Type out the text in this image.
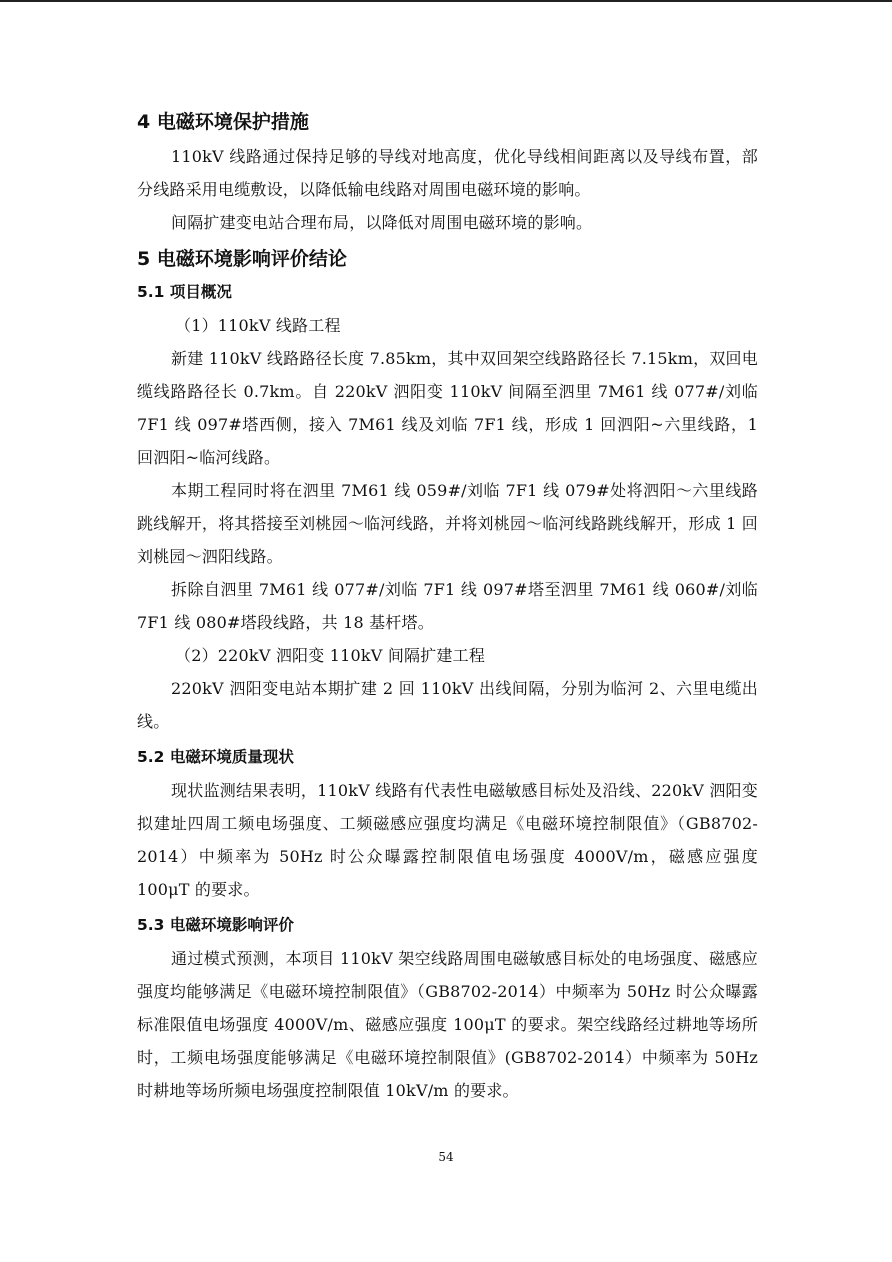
4 电磁环境保护措施

110kV 线路通过保持足够的导线对地高度，优化导线相间距离以及导线布置，部分线路采用电缆敷设，以降低输电线路对周围电磁环境的影响。

间隔扩建变电站合理布局，以降低对周围电磁环境的影响。

5 电磁环境影响评价结论
5.1 项目概况

（1）110kV 线路工程

新建 110kV 线路路径长度 7.85km，其中双回架空线路路径长 7.15km，双回电缆线路路径长 0.7km。自 220kV 泗阳变 110kV 间隔至泗里 7M61 线 077#/刘临 7F1 线 097#塔西侧，接入 7M61 线及刘临 7F1 线，形成 1 回泗阳~六里线路，1 回泗阳~临河线路。

本期工程同时将在泗里 7M61 线 059#/刘临 7F1 线 079#处将泗阳～六里线路跳线解开，将其搭接至刘桃园～临河线路，并将刘桃园～临河线路跳线解开，形成 1 回刘桃园～泗阳线路。

拆除自泗里 7M61 线 077#/刘临 7F1 线 097#塔至泗里 7M61 线 060#/刘临 7F1 线 080#塔段线路，共 18 基杆塔。

（2）220kV 泗阳变 110kV 间隔扩建工程

220kV 泗阳变电站本期扩建 2 回 110kV 出线间隔，分别为临河 2、六里电缆出线。

5.2 电磁环境质量现状

现状监测结果表明，110kV 线路有代表性电磁敏感目标处及沿线、220kV 泗阳变拟建址四周工频电场强度、工频磁感应强度均满足《电磁环境控制限值》（GB8702-2014）中频率为 50Hz 时公众曝露控制限值电场强度 4000V/m，磁感应强度 100μT 的要求。

5.3 电磁环境影响评价

通过模式预测，本项目 110kV 架空线路周围电磁敏感目标处的电场强度、磁感应强度均能够满足《电磁环境控制限值》（GB8702-2014）中频率为 50Hz 时公众曝露标准限值电场强度 4000V/m、磁感应强度 100μT 的要求。架空线路经过耕地等场所时，工频电场强度能够满足《电磁环境控制限值》(GB8702-2014）中频率为 50Hz 时耕地等场所频电场强度控制限值 10kV/m 的要求。

54
